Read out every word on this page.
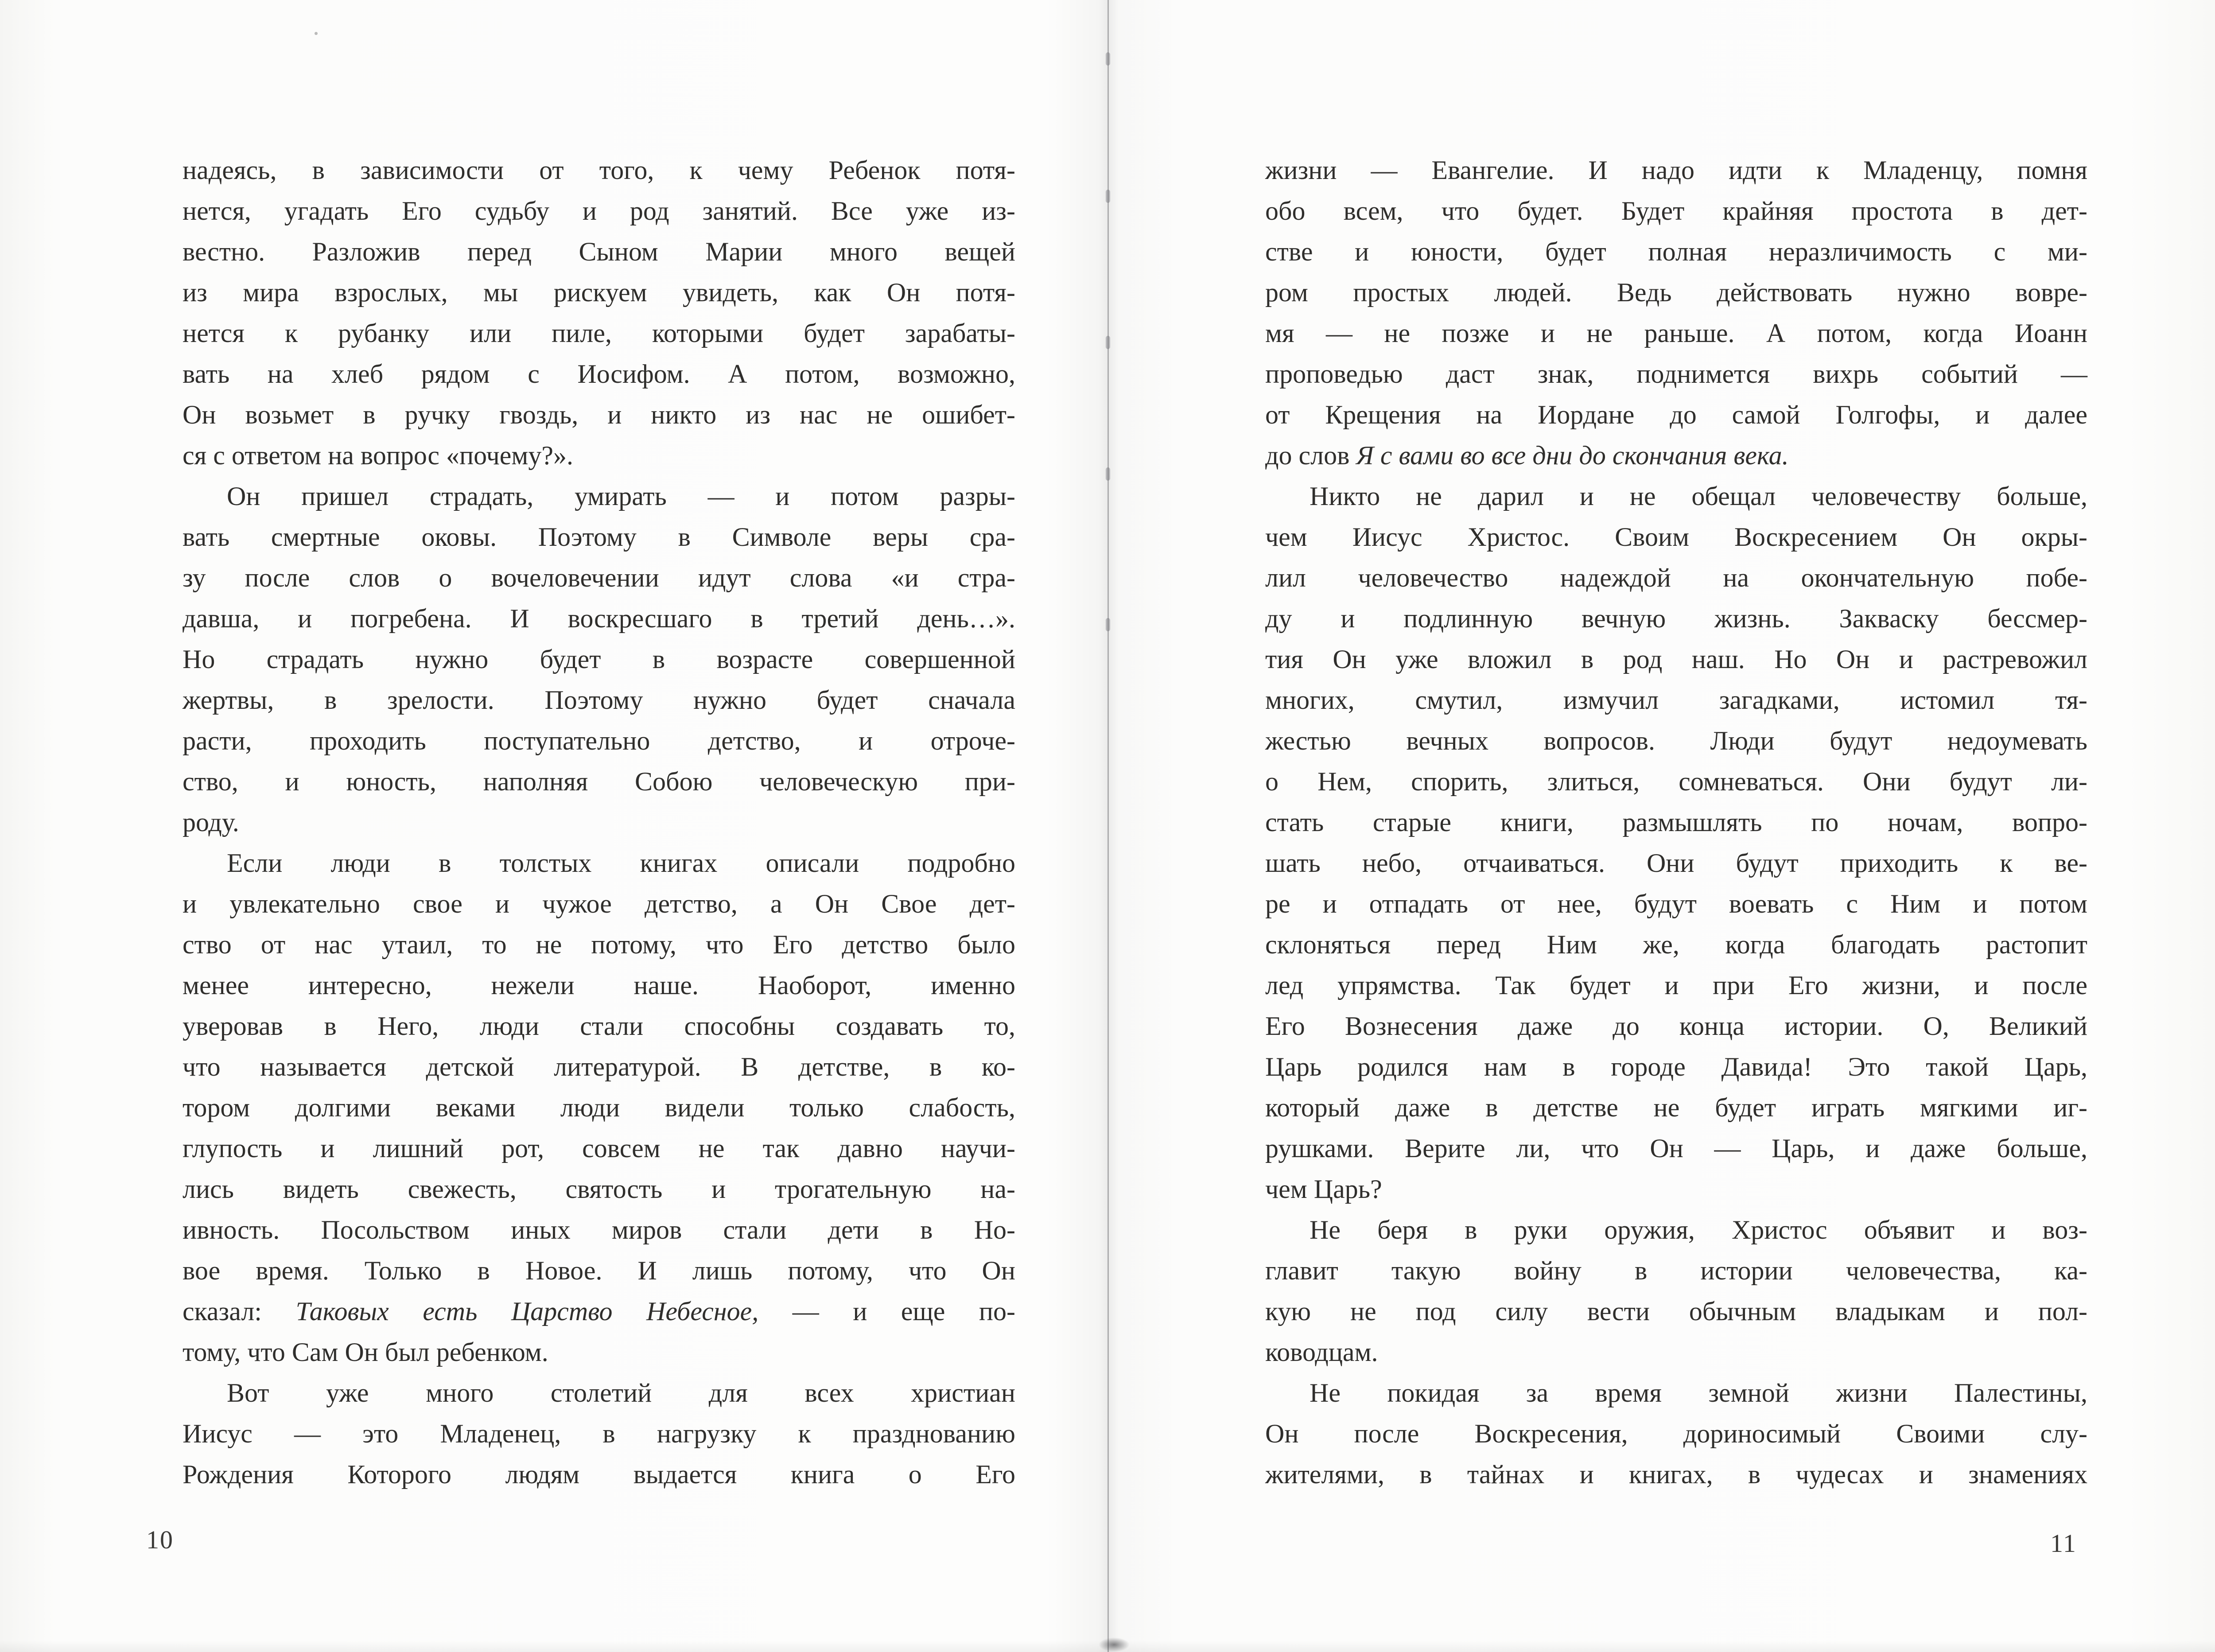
надеясь, в зависимости от того, к чему Ребенок потя-
нется, угадать Его судьбу и род занятий. Все уже из-
вестно. Разложив перед Сыном Марии много вещей
из мира взрослых, мы рискуем увидеть, как Он потя-
нется к рубанку или пиле, которыми будет зарабаты-
вать на хлеб рядом с Иосифом. А потом, возможно,
Он возьмет в ручку гвоздь, и никто из нас не ошибет-
ся с ответом на вопрос «почему?».
Он пришел страдать, умирать — и потом разры-
вать смертные оковы. Поэтому в Символе веры сра-
зу после слов о вочеловечении идут слова «и стра-
давша, и погребена. И воскресшаго в третий день…».
Но страдать нужно будет в возрасте совершенной
жертвы, в зрелости. Поэтому нужно будет сначала
расти, проходить поступательно детство, и отроче-
ство, и юность, наполняя Собою человеческую при-
роду.
Если люди в толстых книгах описали подробно
и увлекательно свое и чужое детство, а Он Свое дет-
ство от нас утаил, то не потому, что Его детство было
менее интересно, нежели наше. Наоборот, именно
уверовав в Него, люди стали способны создавать то,
что называется детской литературой. В детстве, в ко-
тором долгими веками люди видели только слабость,
глупость и лишний рот, совсем не так давно научи-
лись видеть свежесть, святость и трогательную на-
ивность. Посольством иных миров стали дети в Но-
вое время. Только в Новое. И лишь потому, что Он
сказал: Таковых есть Царство Небесное, — и еще по-
тому, что Сам Он был ребенком.
Вот уже много столетий для всех христиан
Иисус — это Младенец, в нагрузку к празднованию
Рождения Которого людям выдается книга о Его
жизни — Евангелие. И надо идти к Младенцу, помня
обо всем, что будет. Будет крайняя простота в дет-
стве и юности, будет полная неразличимость с ми-
ром простых людей. Ведь действовать нужно вовре-
мя — не позже и не раньше. А потом, когда Иоанн
проповедью даст знак, поднимется вихрь событий —
от Крещения на Иордане до самой Голгофы, и далее
до слов Я с вами во все дни до скончания века.
Никто не дарил и не обещал человечеству больше,
чем Иисус Христос. Своим Воскресением Он окры-
лил человечество надеждой на окончательную побе-
ду и подлинную вечную жизнь. Закваску бессмер-
тия Он уже вложил в род наш. Но Он и растревожил
многих, смутил, измучил загадками, истомил тя-
жестью вечных вопросов. Люди будут недоумевать
о Нем, спорить, злиться, сомневаться. Они будут ли-
стать старые книги, размышлять по ночам, вопро-
шать небо, отчаиваться. Они будут приходить к ве-
ре и отпадать от нее, будут воевать с Ним и потом
склоняться перед Ним же, когда благодать растопит
лед упрямства. Так будет и при Его жизни, и после
Его Вознесения даже до конца истории. О, Великий
Царь родился нам в городе Давида! Это такой Царь,
который даже в детстве не будет играть мягкими иг-
рушками. Верите ли, что Он — Царь, и даже больше,
чем Царь?
Не беря в руки оружия, Христос объявит и воз-
главит такую войну в истории человечества, ка-
кую не под силу вести обычным владыкам и пол-
ководцам.
Не покидая за время земной жизни Палестины,
Он после Воскресения, дориносимый Своими слу-
жителями, в тайнах и книгах, в чудесах и знамениях
10	11
